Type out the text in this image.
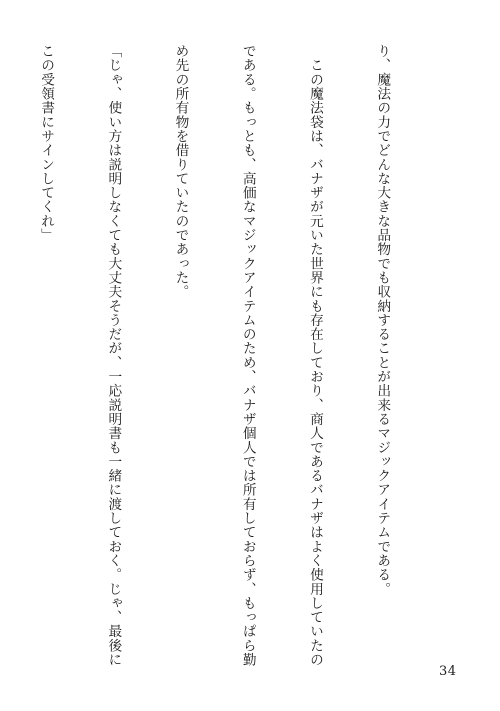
り、魔法の力でどんな大きな品物でも収納することが出来るマジックアイテムである。

　この魔法袋は、バナザが元いた世界にも存在しており、商人であるバナザはよく使用していたの

である。もっとも、高価なマジックアイテムのため、バナザ個人では所有しておらず、もっぱら勤

め先の所有物を借りていたのであった。

「じゃ、使い方は説明しなくても大丈夫そうだが、一応説明書も一緒に渡しておく。じゃ、最後に

この受領書にサインしてくれ」

34
